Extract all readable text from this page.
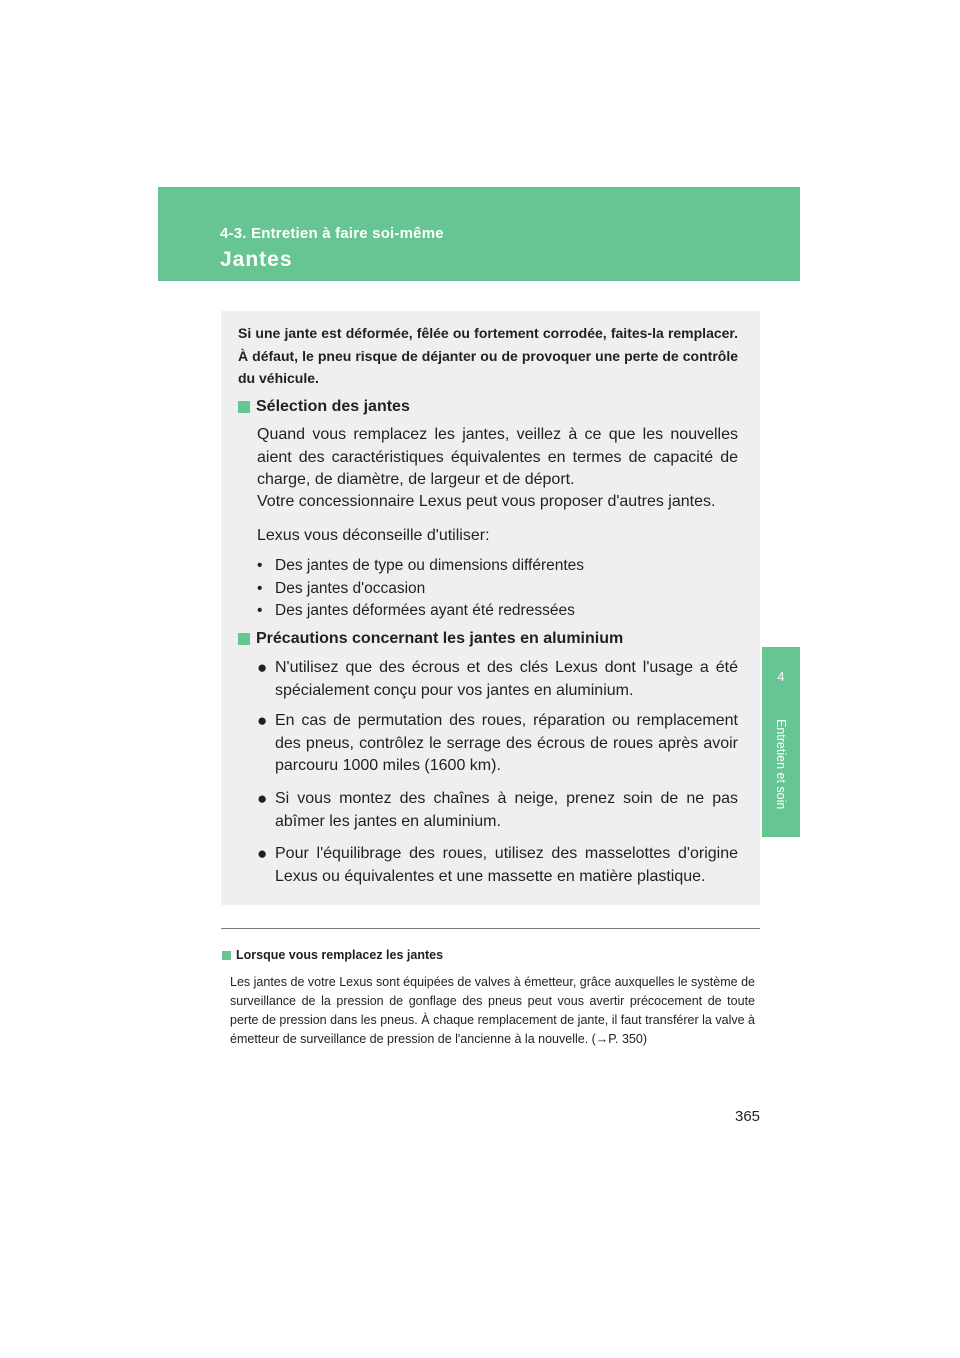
4-3. Entretien à faire soi-même
Jantes
4
Entretien et soin
Si une jante est déformée, fêlée ou fortement corrodée, faites-la remplacer. À défaut, le pneu risque de déjanter ou de provoquer une perte de contrôle du véhicule.
Sélection des jantes
Quand vous remplacez les jantes, veillez à ce que les nouvelles aient des caractéristiques équivalentes en termes de capacité de charge, de diamètre, de largeur et de déport.
Votre concessionnaire Lexus peut vous proposer d'autres jantes.
Lexus vous déconseille d'utiliser:
• Des jantes de type ou dimensions différentes
• Des jantes d'occasion
• Des jantes déformées ayant été redressées
Précautions concernant les jantes en aluminium
● N'utilisez que des écrous et des clés Lexus dont l'usage a été spécialement conçu pour vos jantes en aluminium.
● En cas de permutation des roues, réparation ou remplacement des pneus, contrôlez le serrage des écrous de roues après avoir parcouru 1000 miles (1600 km).
● Si vous montez des chaînes à neige, prenez soin de ne pas abîmer les jantes en aluminium.
● Pour l'équilibrage des roues, utilisez des masselottes d'origine Lexus ou équivalentes et une massette en matière plastique.
Lorsque vous remplacez les jantes
Les jantes de votre Lexus sont équipées de valves à émetteur, grâce auxquelles le système de surveillance de la pression de gonflage des pneus peut vous avertir précocement de toute perte de pression dans les pneus. À chaque remplacement de jante, il faut transférer la valve à émetteur de surveillance de pression de l'ancienne à la nouvelle. (→P. 350)
365
